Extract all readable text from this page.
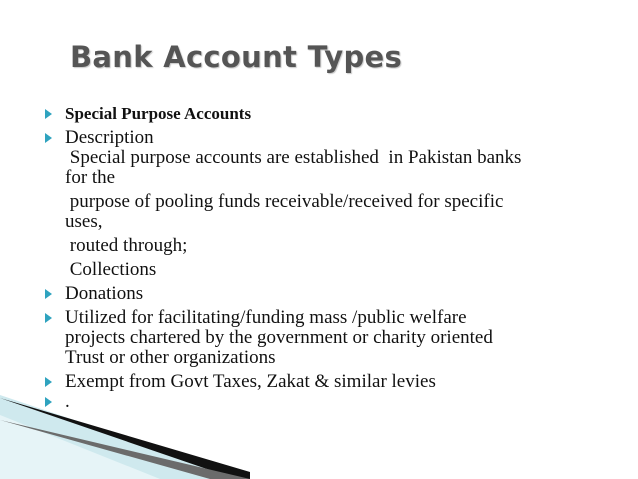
Bank Account Types
Special Purpose Accounts
Description
Special purpose accounts are established  in Pakistan banks
for the
purpose of pooling funds receivable/received for specific
uses,
routed through;
Collections
Donations
Utilized for facilitating/funding mass /public welfare
projects chartered by the government or charity oriented
Trust or other organizations
Exempt from Govt Taxes, Zakat & similar levies
.
